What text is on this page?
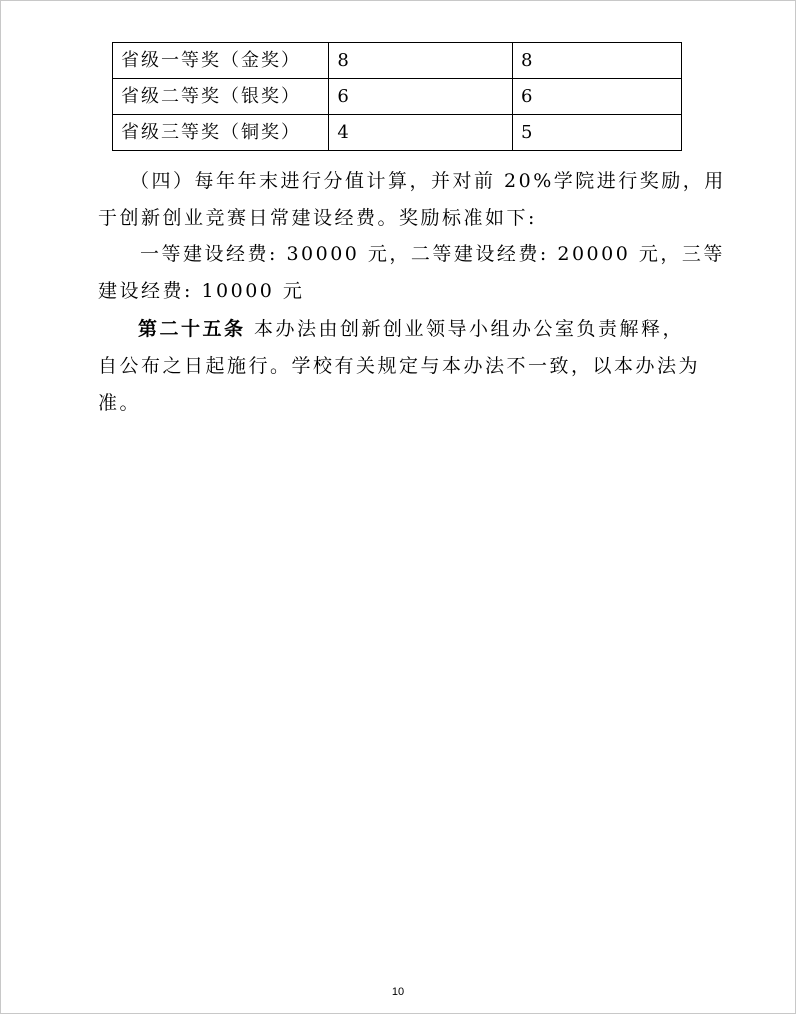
省级一等奖（金奖）	8	8
省级二等奖（银奖）	6	6
省级三等奖（铜奖）	4	5

（四）每年年末进行分值计算，并对前 20%学院进行奖励，用

于创新创业竞赛日常建设经费。奖励标准如下:

一等建设经费: 30000 元，二等建设经费: 20000 元，三等

建设经费: 10000 元

第二十五条 本办法由创新创业领导小组办公室负责解释，

自公布之日起施行。学校有关规定与本办法不一致，以本办法为

准。

10
